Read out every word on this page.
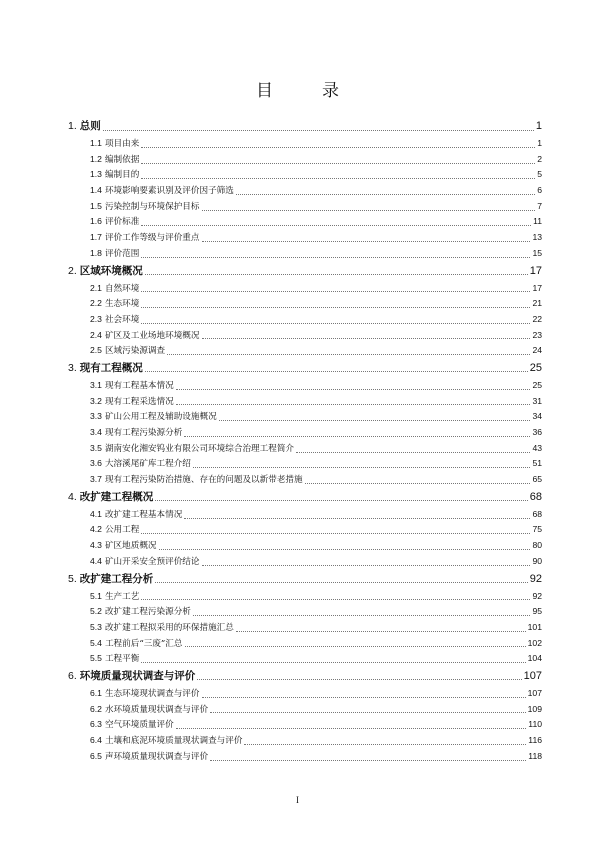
目　录
1. 总则	1
1.1 项目由来	1
1.2 编制依据	2
1.3 编制目的	5
1.4 环境影响要素识别及评价因子筛选	6
1.5 污染控制与环境保护目标	7
1.6 评价标准	11
1.7 评价工作等级与评价重点	13
1.8 评价范围	15
2. 区域环境概况	17
2.1 自然环境	17
2.2 生态环境	21
2.3 社会环境	22
2.4 矿区及工业场地环境概况	23
2.5 区域污染源调查	24
3. 现有工程概况	25
3.1 现有工程基本情况	25
3.2 现有工程采选情况	31
3.3 矿山公用工程及辅助设施概况	34
3.4 现有工程污染源分析	36
3.5 湖南安化湘安钨业有限公司环境综合治理工程简介	43
3.6 大溶溪尾矿库工程介绍	51
3.7 现有工程污染防治措施、存在的问题及以新带老措施	65
4. 改扩建工程概况	68
4.1 改扩建工程基本情况	68
4.2 公用工程	75
4.3 矿区地质概况	80
4.4 矿山开采安全预评价结论	90
5. 改扩建工程分析	92
5.1 生产工艺	92
5.2 改扩建工程污染源分析	95
5.3 改扩建工程拟采用的环保措施汇总	101
5.4 工程前后“三废”汇总	102
5.5 工程平衡	104
6. 环境质量现状调查与评价	107
6.1 生态环境现状调查与评价	107
6.2 水环境质量现状调查与评价	109
6.3 空气环境质量评价	110
6.4 土壤和底泥环境质量现状调查与评价	116
6.5 声环境质量现状调查与评价	118
I
